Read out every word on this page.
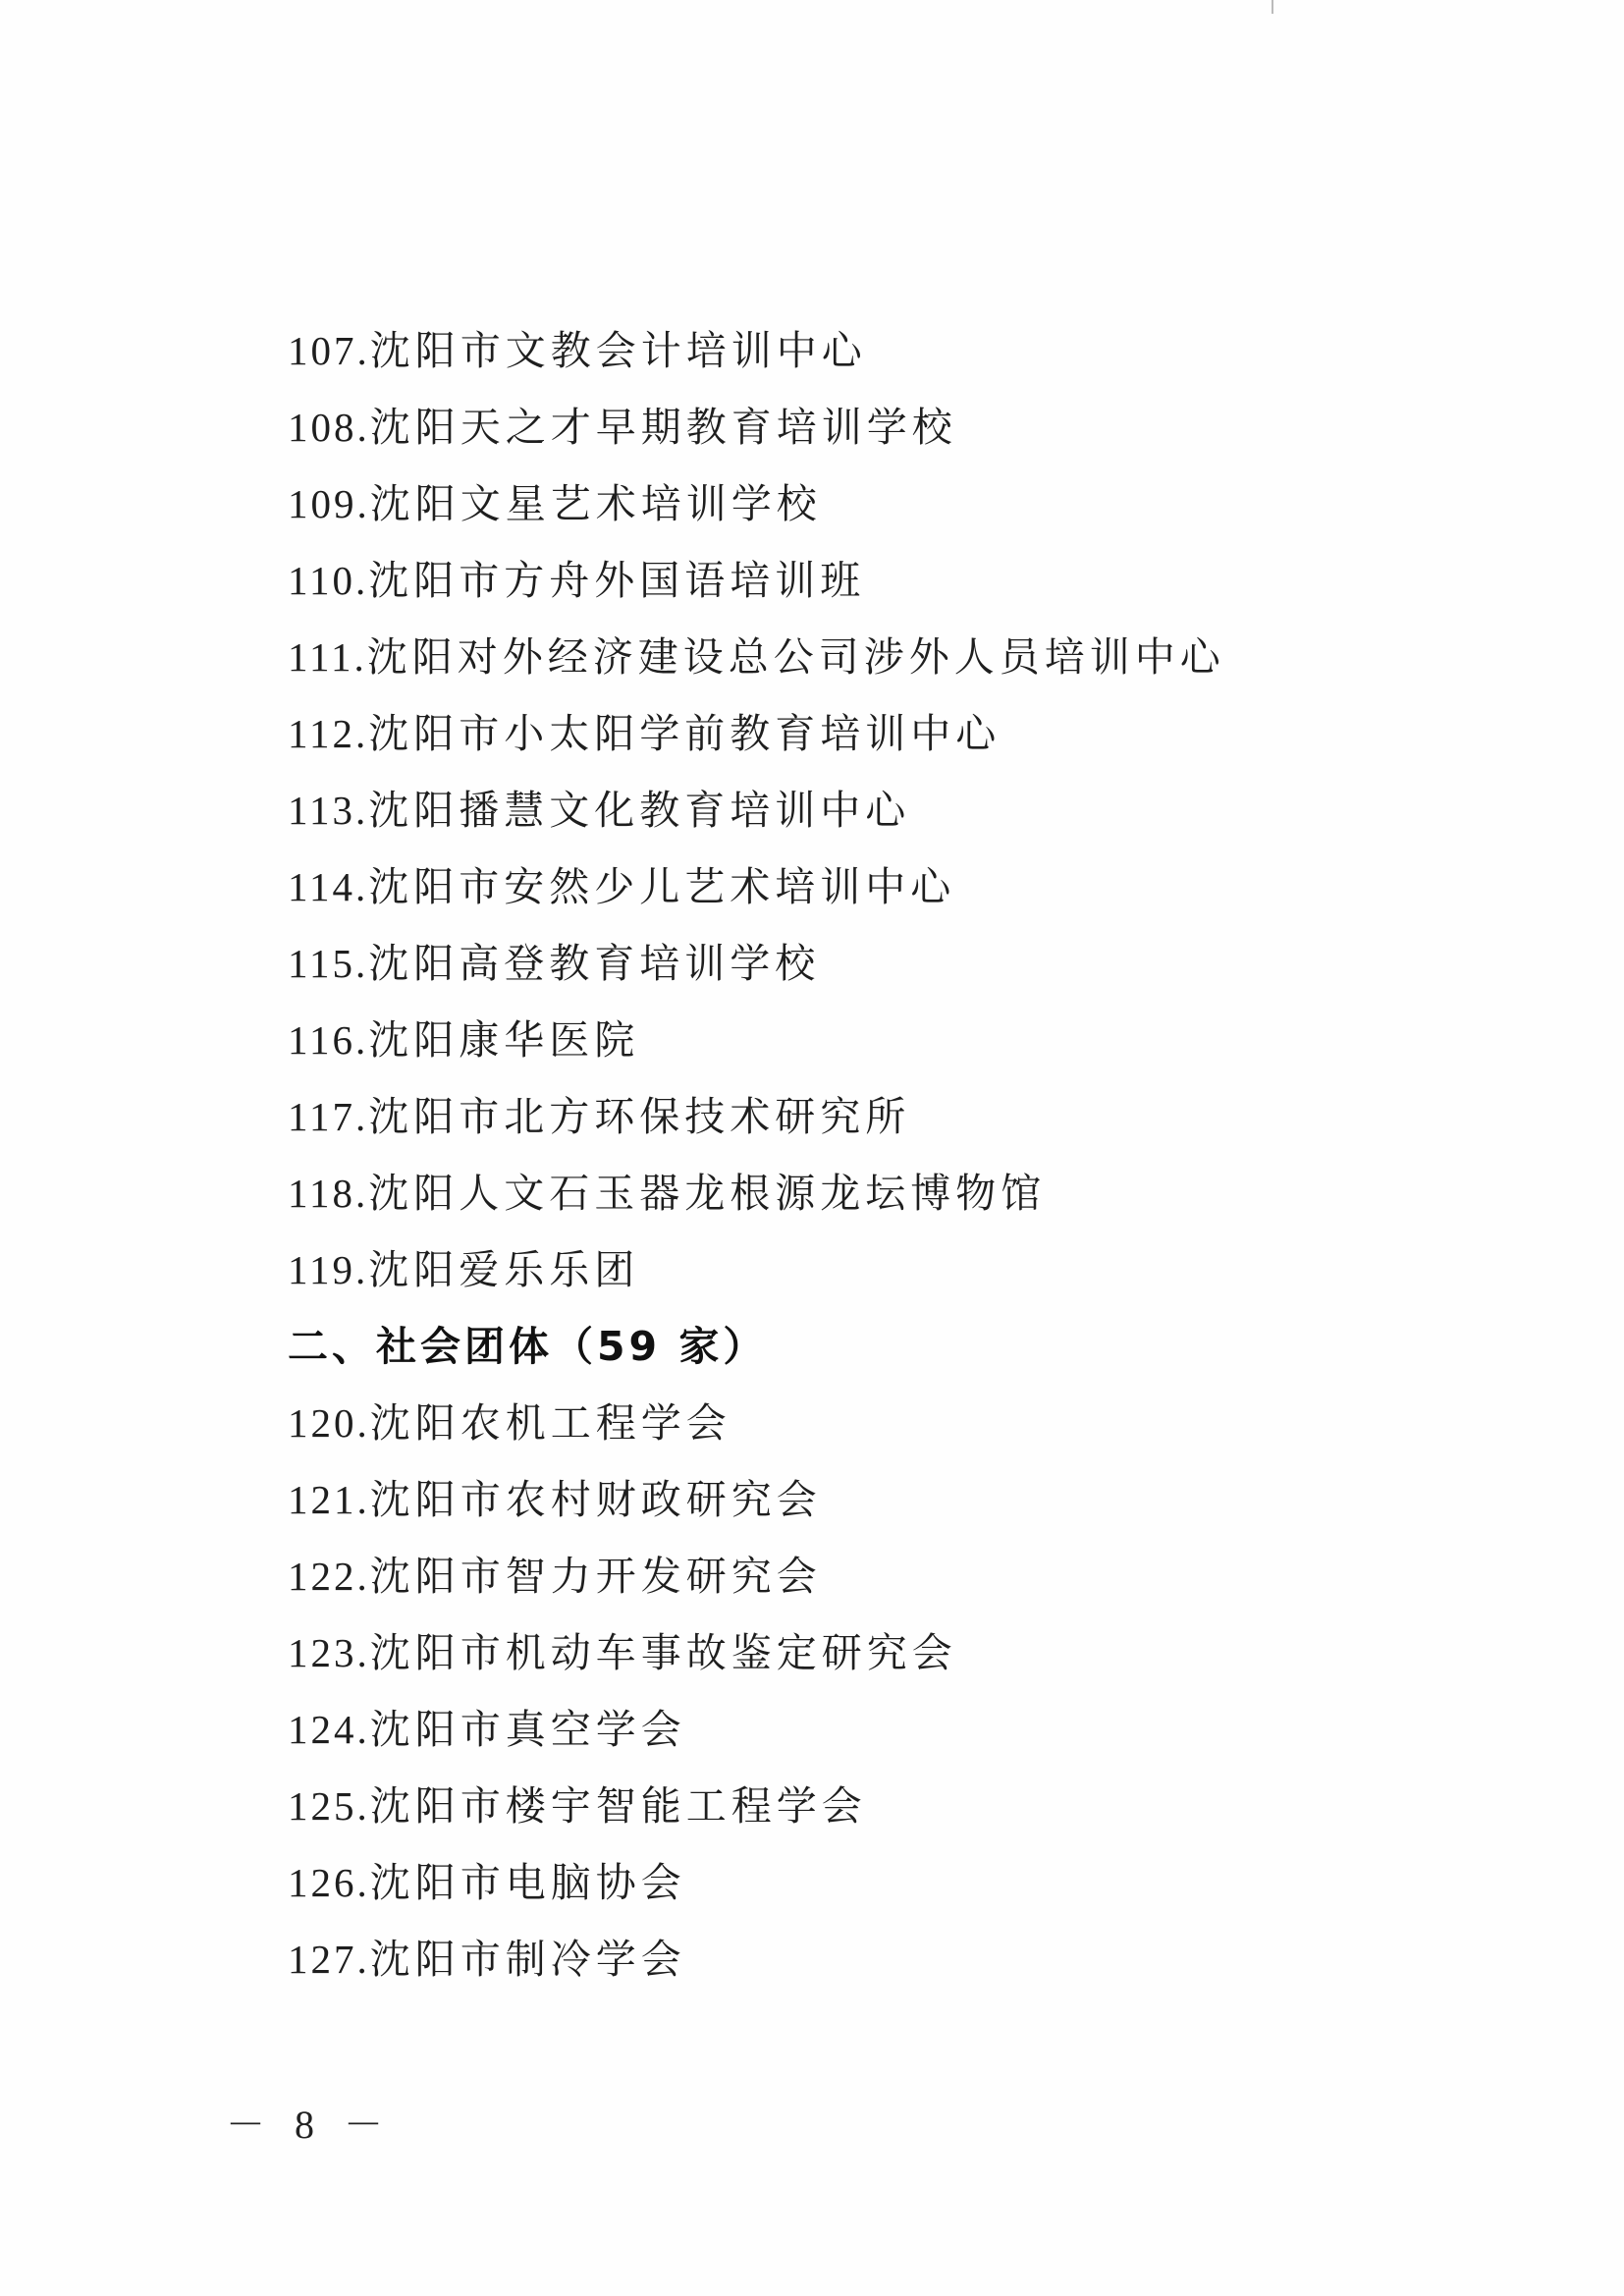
107.沈阳市文教会计培训中心
108.沈阳天之才早期教育培训学校
109.沈阳文星艺术培训学校
110.沈阳市方舟外国语培训班
111.沈阳对外经济建设总公司涉外人员培训中心
112.沈阳市小太阳学前教育培训中心
113.沈阳播慧文化教育培训中心
114.沈阳市安然少儿艺术培训中心
115.沈阳高登教育培训学校
116.沈阳康华医院
117.沈阳市北方环保技术研究所
118.沈阳人文石玉器龙根源龙坛博物馆
119.沈阳爱乐乐团
二、社会团体（59 家）
120.沈阳农机工程学会
121.沈阳市农村财政研究会
122.沈阳市智力开发研究会
123.沈阳市机动车事故鉴定研究会
124.沈阳市真空学会
125.沈阳市楼宇智能工程学会
126.沈阳市电脑协会
127.沈阳市制冷学会
－ 8 －
